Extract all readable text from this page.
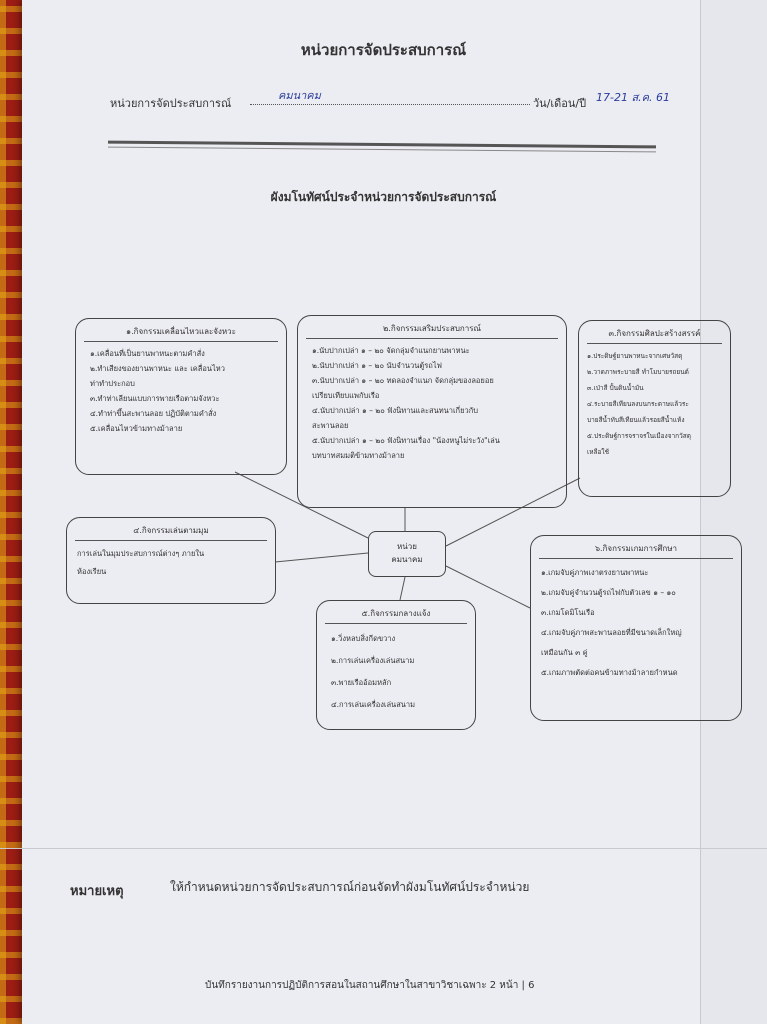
หน่วยการจัดประสบการณ์
หน่วยการจัดประสบการณ์
คมนาคม
วัน/เดือน/ปี 17-21 ส.ค. 61
ผังมโนทัศน์ประจำหน่วยการจัดประสบการณ์
๑.กิจกรรมเคลื่อนไหวและจังหวะ
๑.เคลื่อนที่เป็นยานพาหนะตามคำสั่ง
๒.ทำเสียงของยานพาหนะ และ เคลื่อนไหว
ท่าทำประกอบ
๓.ทำท่าเลียนแบบการพายเรือตามจังหวะ
๔.ทำท่าขึ้นสะพานลอย ปฏิบัติตามคำสั่ง
๕.เคลื่อนไหวข้ามทางม้าลาย
๒.กิจกรรมเสริมประสบการณ์
๑.นับปากเปล่า ๑ – ๒๐ จัดกลุ่มจำแนกยานพาหนะ
๒.นับปากเปล่า ๑ – ๒๐ นับจำนวนตู้รถไฟ
๓.นับปากเปล่า ๑ – ๒๐ ทดลองจำแนก จัดกลุ่มของลอยอย
เปรียบเทียบแพกับเรือ
๔.นับปากเปล่า ๑ – ๒๐ ฟังนิทานและสนทนาเกี่ยวกับ
สะพานลอย
๕.นับปากเปล่า ๑ – ๒๐ ฟังนิทานเรื่อง "น้องหนูไม่ระวัง"เล่น
บทบาทสมมติข้ามทางม้าลาย
๓.กิจกรรมศิลปะสร้างสรรค์
๑.ประดิษฐ์ยานพาหนะจากเศษวัสดุ
๒.วาดภาพระบายสี ทำโมบายรถยนต์
๓.เป่าสี ปั้นดินน้ำมัน
๔.ระบายสีเทียนลงบนกระดาษแล้วระ
บายสีน้ำทับสีเทียนแล้วรอยสีน้ำแห้ง
๕.ประดิษฐ์การจราจรในเมืองจากวัสดุ
เหลือใช้
๔.กิจกรรมเล่นตามมุม
การเล่นในมุมประสบการณ์ต่างๆ ภายใน
ห้องเรียน
หน่วย
คมนาคม
๕.กิจกรรมกลางแจ้ง
๑.วิ่งหลบสิ่งกีดขวาง
๒.การเล่นเครื่องเล่นสนาม
๓.พายเรืออ้อมหลัก
๔.การเล่นเครื่องเล่นสนาม
๖.กิจกรรมเกมการศึกษา
๑.เกมจับคู่ภาพเงาตรงยานพาหนะ
๒.เกมจับคู่จำนวนตู้รถไฟกับตัวเลข ๑ – ๑๐
๓.เกมโดมิโนเรือ
๔.เกมจับคู่ภาพสะพานลอยที่มีขนาดเล็กใหญ่
เหมือนกัน ๓ คู่
๕.เกมภาพตัดต่อคนข้ามทางม้าลายกำหนด
หมายเหตุ	ให้กำหนดหน่วยการจัดประสบการณ์ก่อนจัดทำผังมโนทัศน์ประจำหน่วย
บันทึกรายงานการปฏิบัติการสอนในสถานศึกษาในสาขาวิชาเฉพาะ 2 หน้า | 6
